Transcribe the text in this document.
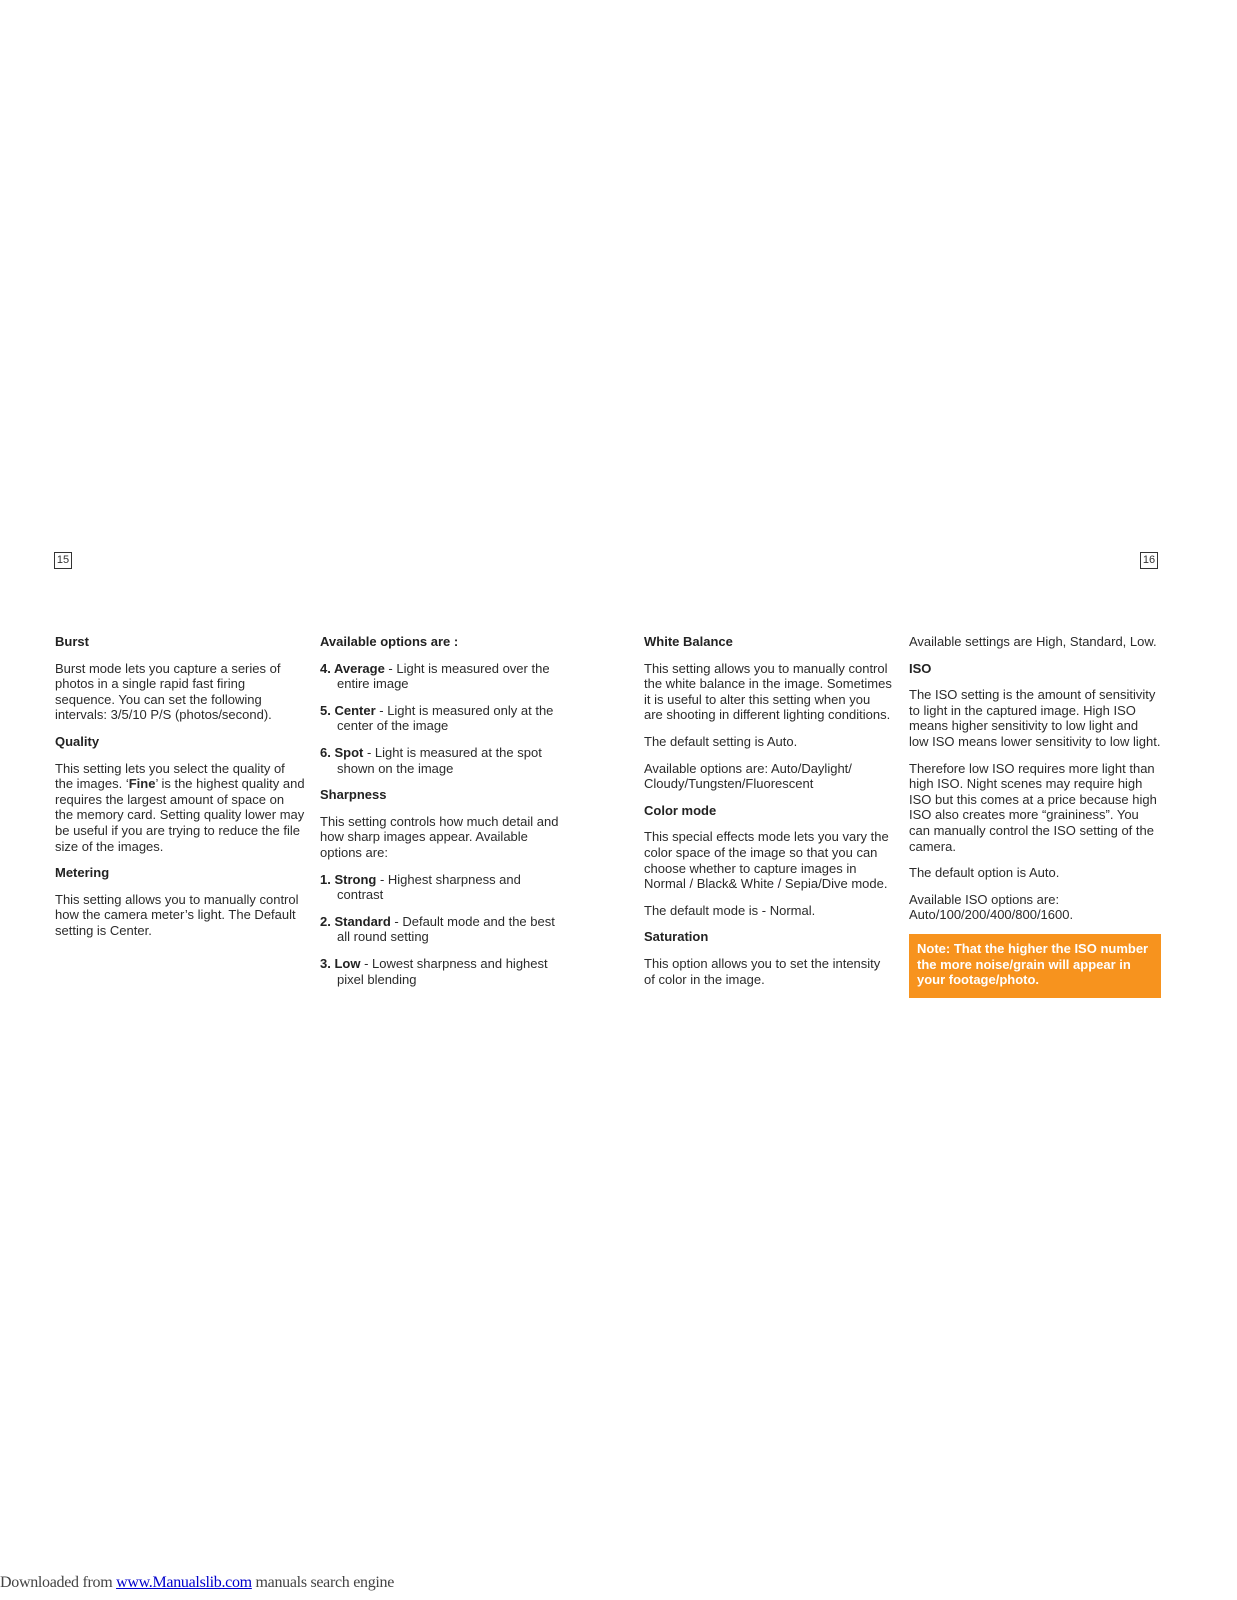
15	16
Burst

Burst mode lets you capture a series of photos in a single rapid fast firing sequence. You can set the following intervals: 3/5/10 P/S (photos/second).

Quality

This setting lets you select the quality of the images. ‘Fine’ is the highest quality and requires the largest amount of space on the memory card. Setting quality lower may be useful if you are trying to reduce the file size of the images.

Metering

This setting allows you to manually control how the camera meter’s light. The Default setting is Center.

Available options are :

4. Average - Light is measured over the entire image

5. Center - Light is measured only at the center of the image

6. Spot - Light is measured at the spot shown on the image

Sharpness

This setting controls how much detail and how sharp images appear. Available options are:

1. Strong - Highest sharpness and contrast

2. Standard - Default mode and the best all round setting

3. Low - Lowest sharpness and highest pixel blending

White Balance

This setting allows you to manually control the white balance in the image. Sometimes it is useful to alter this setting when you are shooting in different lighting conditions.

The default setting is Auto.

Available options are: Auto/Daylight/ Cloudy/Tungsten/Fluorescent

Color mode

This special effects mode lets you vary the color space of the image so that you can choose whether to capture images in Normal / Black& White / Sepia/Dive mode.

The default mode is - Normal.

Saturation

This option allows you to set the intensity of color in the image.

Available settings are High, Standard, Low.

ISO

The ISO setting is the amount of sensitivity to light in the captured image. High ISO means higher sensitivity to low light and low ISO means lower sensitivity to low light.

Therefore low ISO requires more light than high ISO. Night scenes may require high ISO but this comes at a price because high ISO also creates more “graininess”. You can manually control the ISO setting of the camera.

The default option is Auto.

Available ISO options are: Auto/100/200/400/800/1600.

Note: That the higher the ISO number the more noise/grain will appear in your footage/photo.
Downloaded from www.Manualslib.com manuals search engine
